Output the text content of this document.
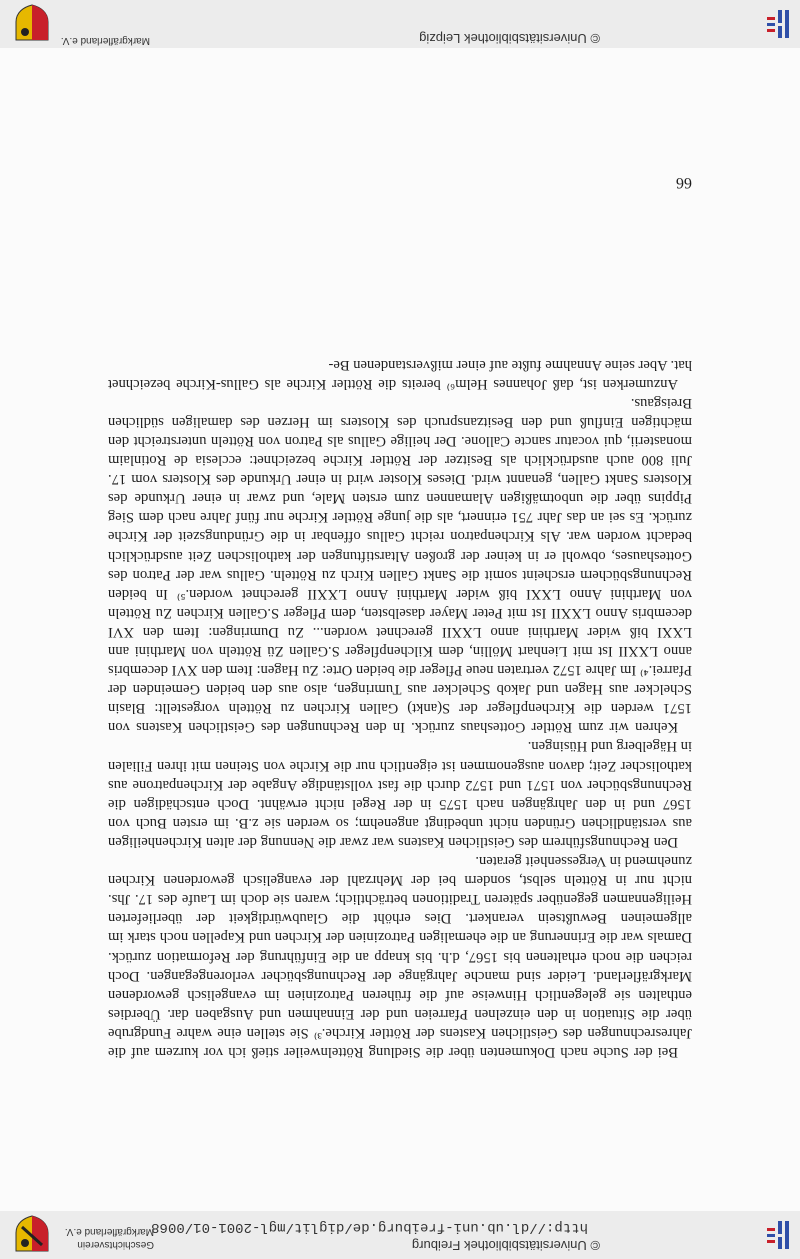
© Universitätsbibliothek Freiburg
http://dl.ub.uni-freiburg.de/diglit/mgl-2001-01/0068
Geschichtsverein
Markgräflerland e.V.

Bei der Suche nach Dokumenten über die Siedlung Röttelnweiler stieß ich vor kurzem auf die Jahresrechnungen des Geistlichen Kastens der Röttler Kirche.³⁾ Sie stellen eine wahre Fundgrube über die Situation in den einzelnen Pfarreien und der Einnahmen und Ausgaben dar. Überdies enthalten sie gelegentlich Hinweise auf die früheren Patrozinien im evangelisch gewordenen Markgräflerland. Leider sind manche Jahrgänge der Rechnungsbücher verlorengegangen. Doch reichen die noch erhaltenen bis 1567, d.h. bis knapp an die Einführung der Reformation zurück. Damals war die Erinnerung an die ehemaligen Patrozinien der Kirchen und Kapellen noch stark im allgemeinen Bewußtsein verankert. Dies erhöht die Glaubwürdigkeit der überlieferten Heiligennamen gegenüber späteren Traditionen beträchtlich; waren sie doch im Laufe des 17. Jhs. nicht nur in Rötteln selbst, sondern bei der Mehrzahl der evangelisch gewordenen Kirchen zunehmend in Vergessenheit geraten.

Den Rechnungsführern des Geistlichen Kastens war zwar die Nennung der alten Kirchenheiligen aus verständlichen Gründen nicht unbedingt angenehm; so werden sie z.B. im ersten Buch von 1567 und in den Jahrgängen nach 1575 in der Regel nicht erwähnt. Doch entschädigen die Rechnungsbücher von 1571 und 1572 durch die fast vollständige Angabe der Kirchenpatrone aus katholischer Zeit; davon ausgenommen ist eigentlich nur die Kirche von Steinen mit ihren Filialen in Hägelberg und Hüsingen.

Kehren wir zum Röttler Gotteshaus zurück. In den Rechnungen des Geistlichen Kastens von 1571 werden die Kirchenpfleger der S(ankt) Gallen Kirchen zu Rötteln vorgestellt: Blasin Schelcker aus Hagen und Jakob Schelcker aus Tumringen, also aus den beiden Gemeinden der Pfarrei.⁴⁾ Im Jahre 1572 vertraten neue Pfleger die beiden Orte: Zu Hagen: Item den XVI decembris anno LXXII Ist mit Lienhart Möllin, dem Kilchenpfleger S.Gallen Zü Rötteln von Marthini ann LXXI biß wider Marthini anno LXXII gerechnet worden... Zu Dumringen: Item den XVI decembris Anno LXXII Ist mit Peter Mayer daselbsten, dem Pfleger S.Gallen Kirchen Zu Rötteln von Marthini Anno LXXI biß wider Marthini Anno LXXII gerechnet worden.⁵⁾ In beiden Rechnungsbüchern erscheint somit die Sankt Gallen Kirch zu Rötteln. Gallus war der Patron des Gotteshauses, obwohl er in keiner der großen Altarstiftungen der katholischen Zeit ausdrücklich bedacht worden war. Als Kirchenpatron reicht Gallus offenbar in die Gründungszeit der Kirche zurück. Es sei an das Jahr 751 erinnert, als die junge Röttler Kirche nur fünf Jahre nach dem Sieg Pippins über die unbotmäßigen Alamannen zum ersten Male, und zwar in einer Urkunde des Klosters Sankt Gallen, genannt wird. Dieses Kloster wird in einer Urkunde des Klosters vom 17. Juli 800 auch ausdrücklich als Besitzer der Röttler Kirche bezeichnet: ecclesia de Rotinlaim monasterii, qui vocatur sancte Callone. Der heilige Gallus als Patron von Rötteln unterstreicht den mächtigen Einfluß und den Besitzanspruch des Klosters im Herzen des damaligen südlichen Breisgaus.

Anzumerken ist, daß Johannes Helm⁶⁾ bereits die Röttler Kirche als Gallus-Kirche bezeichnet hat. Aber seine Annahme fußte auf einer mißverstandenen Be-

66
© Universitätsbibliothek Leipzig
Markgräflerland e.V.
